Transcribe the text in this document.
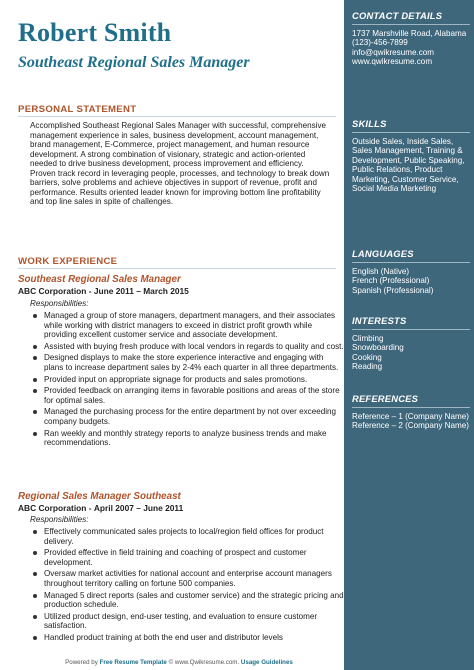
Robert Smith
Southeast Regional Sales Manager
PERSONAL STATEMENT
Accomplished Southeast Regional Sales Manager with successful, comprehensive management experience in sales, business development, account management, brand management, E-Commerce, project management, and human resource development. A strong combination of visionary, strategic and action-oriented needed to drive business development, process improvement and efficiency. Proven track record in leveraging people, processes, and technology to break down barriers, solve problems and achieve objectives in support of revenue, profit and performance. Results oriented leader known for improving bottom line profitability and top line sales in spite of challenges.
WORK EXPERIENCE
Southeast Regional Sales Manager
ABC Corporation - June 2011 – March 2015
Responsibilities:
Managed a group of store managers, department managers, and their associates while working with district managers to exceed in district profit growth while providing excellent customer service and associate development.
Assisted with buying fresh produce with local vendors in regards to quality and cost.
Designed displays to make the store experience interactive and engaging with plans to increase department sales by 2-4% each quarter in all three departments.
Provided input on appropriate signage for products and sales promotions.
Provided feedback on arranging items in favorable positions and areas of the store for optimal sales.
Managed the purchasing process for the entire department by not over exceeding company budgets.
Ran weekly and monthly strategy reports to analyze business trends and make recommendations.
Regional Sales Manager Southeast
ABC Corporation - April 2007 – June 2011
Responsibilities:
Effectively communicated sales projects to local/region field offices for product delivery.
Provided effective in field training and coaching of prospect and customer development.
Oversaw market activities for national account and enterprise account managers throughout territory calling on fortune 500 companies.
Managed 5 direct reports (sales and customer service) and the strategic pricing and production schedule.
Utilized product design, end-user testing, and evaluation to ensure customer satisfaction.
Handled product training at both the end user and distributor levels
Powered by Free Resume Template © www.Qwikresume.com. Usage Guidelines
CONTACT DETAILS
1737 Marshville Road, Alabama
(123)-456-7899
info@qwikresume.com
www.qwikresume.com
SKILLS
Outside Sales, Inside Sales, Sales Management, Training & Development, Public Speaking, Public Relations, Product Marketing, Customer Service, Social Media Marketing
LANGUAGES
English (Native)
French (Professional)
Spanish (Professional)
INTERESTS
Climbing
Snowboarding
Cooking
Reading
REFERENCES
Reference – 1 (Company Name)
Reference – 2 (Company Name)
